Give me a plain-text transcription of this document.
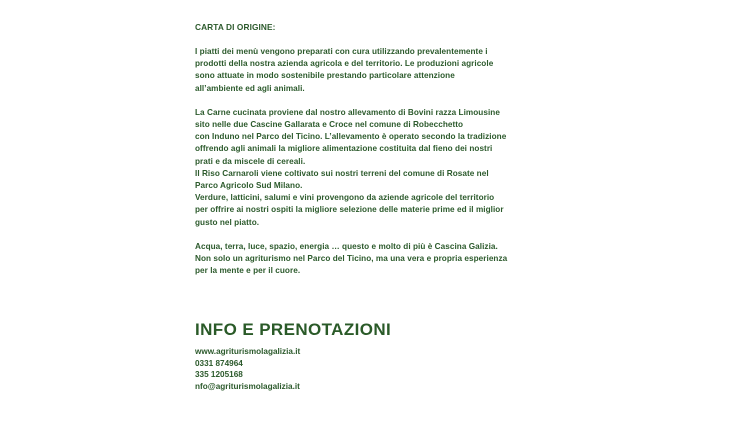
CARTA DI ORIGINE:

I piatti dei menù vengono preparati con cura utilizzando prevalentemente i
prodotti della nostra azienda agricola e del territorio. Le produzioni agricole
sono attuate in modo sostenibile prestando particolare attenzione
all’ambiente ed agli animali.

La Carne cucinata proviene dal nostro allevamento di Bovini razza Limousine
sito nelle due Cascine Gallarata e Croce nel comune di Robecchetto
con Induno nel Parco del Ticino. L’allevamento è operato secondo la tradizione
offrendo agli animali la migliore alimentazione costituita dal fieno dei nostri
prati e da miscele di cereali.
Il Riso Carnaroli viene coltivato sui nostri terreni del comune di Rosate nel
Parco Agricolo Sud Milano.
Verdure, latticini, salumi e vini provengono da aziende agricole del territorio
per offrire ai nostri ospiti la migliore selezione delle materie prime ed il miglior
gusto nel piatto.

Acqua, terra, luce, spazio, energia … questo e molto di più è Cascina Galizia.
Non solo un agriturismo nel Parco del Ticino, ma una vera e propria esperienza
per la mente e per il cuore.

INFO E PRENOTAZIONI
www.agriturismolagalizia.it
0331 874964
335 1205168
nfo@agriturismolagalizia.it
